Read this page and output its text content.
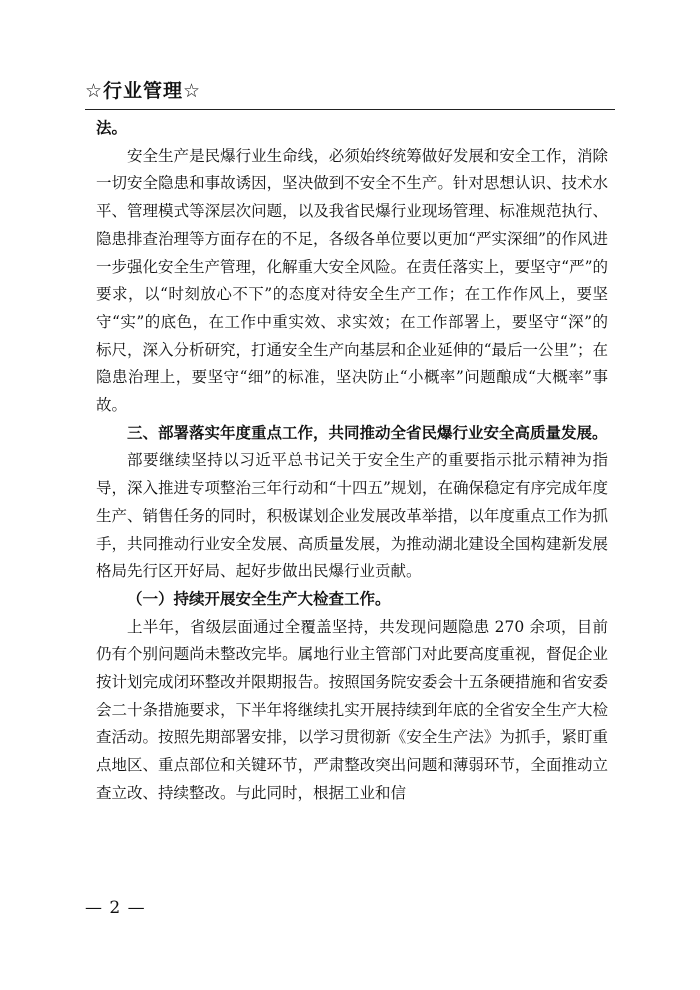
☆行业管理☆

法。

安全生产是民爆行业生命线，必须始终统筹做好发展和安全工作，消除一切安全隐患和事故诱因，坚决做到不安全不生产。针对思想认识、技术水平、管理模式等深层次问题，以及我省民爆行业现场管理、标准规范执行、隐患排查治理等方面存在的不足，各级各单位要以更加“严实深细”的作风进一步强化安全生产管理，化解重大安全风险。在责任落实上，要坚守“严”的要求，以“时刻放心不下”的态度对待安全生产工作；在工作作风上，要坚守“实”的底色，在工作中重实效、求实效；在工作部署上，要坚守“深”的标尺，深入分析研究，打通安全生产向基层和企业延伸的“最后一公里”；在隐患治理上，要坚守“细”的标准，坚决防止“小概率”问题酿成“大概率”事故。

三、部署落实年度重点工作，共同推动全省民爆行业安全高质量发展。

部要继续坚持以习近平总书记关于安全生产的重要指示批示精神为指导，深入推进专项整治三年行动和“十四五”规划，在确保稳定有序完成年度生产、销售任务的同时，积极谋划企业发展改革举措，以年度重点工作为抓手，共同推动行业安全发展、高质量发展，为推动湖北建设全国构建新发展格局先行区开好局、起好步做出民爆行业贡献。

（一）持续开展安全生产大检查工作。

上半年，省级层面通过全覆盖坚持，共发现问题隐患 270 余项，目前仍有个别问题尚未整改完毕。属地行业主管部门对此要高度重视，督促企业按计划完成闭环整改并限期报告。按照国务院安委会十五条硬措施和省安委会二十条措施要求，下半年将继续扎实开展持续到年底的全省安全生产大检查活动。按照先期部署安排，以学习贯彻新《安全生产法》为抓手，紧盯重点地区、重点部位和关键环节，严肃整改突出问题和薄弱环节，全面推动立查立改、持续整改。与此同时，根据工业和信

— 2 —
